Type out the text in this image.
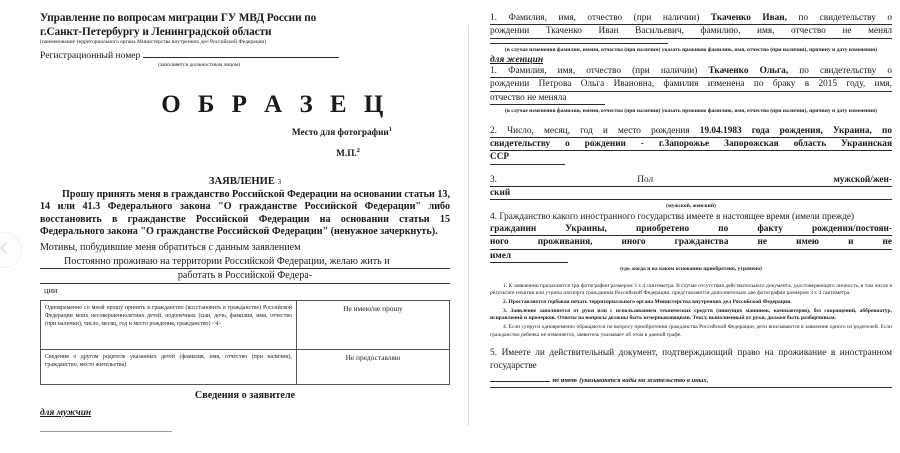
Управление по вопросам миграции ГУ МВД России по
г.Санкт-Петербургу и Ленинградской области
(наименование территориального органа Министерства внутренних дел Российской Федерации)
Регистрационный номер
(заполняется должностным лицом)
О Б Р А З Е Ц
Место для фотографии$^1$
М.П.$^2$
ЗАЯВЛЕНИЕ 3
Прошу принять меня в гражданство Российской Федерации на основании статьи 13, 14 или 41.3 Федерального закона "О гражданстве Российской Федерации" либо восстановить в гражданстве Российской Федерации на основании статьи 15 Федерального закона "О гражданстве Российской Федерации" (ненужное зачеркнуть).
Мотивы, побудившие меня обратиться с данным заявлением
Постоянно проживаю на территории Российской Федерации, желаю жить и
работать в Российской Федера-
ции
Одновременно со мной прошу принять в гражданство (восстановить в гражданстве) Российской Федерации моих несовершеннолетних детей, подопечных (сын, дочь, фамилия, имя, отчество (при наличии), число, месяц, год и место рождения, гражданство) <4>	Не имею/не прошу
Сведения о другом родителе указанных детей (фамилия, имя, отчество (при наличии), гражданство, место жительства)	Не предоставляю
Сведения о заявителе
для мужчин
1. Фамилия, имя, отчество (при наличии) Ткаченко Иван, по свидетельству о
рождении Ткаченко Иван Васильевич, фамилию, имя, отчество не менял
(в случае изменения фамилии, имени, отчества (при наличии) указать прежнюю фамилию, имя, отчество (при наличии), причину и дату изменения)
для женщин
1. Фамилия, имя, отчество (при наличии) Ткаченко Ольга, по свидетельству о
рождении Петрова Ольга Ивановна, фамилия изменена по браку в 2015 году, имя,
отчество не меняла
(в случае изменения фамилии, имени, отчества (при наличии) указать прежнюю фамилию, имя, отчество (при наличии), причину и дату изменения)
2. Число, месяц, год и место рождения 19.04.1983 года рождения, Украина, по
свидетельству о рождении - г.Запорожье Запорожская область Украинская
ССР
3.	Пол	мужской/жен-
ский
(мужской, женский)
4. Гражданство какого иностранного государства имеете в настоящее время (имели прежде)
гражданин Украины, приобретено по факту рождения/постоян-
ного проживания, иного гражданства не имею и не
имел
(где, когда и на каком основании приобретено, утрачено)

1. К заявлению прилагаются три фотографии размером 3 х 4 сантиметра. В случае отсутствия действительного документа, удостоверяющего личность, в том числе в результате изъятия или утраты паспорта гражданина Российской Федерации, представляются дополнительно две фотографии размером 3 х 4 сантиметра.

2. Проставляется гербовая печать территориального органа Министерства внутренних дел Российской Федерации.

3. Заявление заполняется от руки или с использованием технических средств (пишущих машинок, компьютеров), без сокращений, аббревиатур, исправлений и прочерков. Ответы на вопросы должны быть исчерпывающими. Текст, выполненный от руки, должен быть разборчивым.

4. Если супруги одновременно обращаются по вопросу приобретения гражданства Российской Федерации, дети вписываются в заявление одного из родителей. Если гражданство ребенка не изменяется, заявитель указывает об этом в данной графе.

5. Имеете ли действительный документ, подтверждающий право на проживание в иностранном государстве
не имею (указываются виды на жительство в иных,
